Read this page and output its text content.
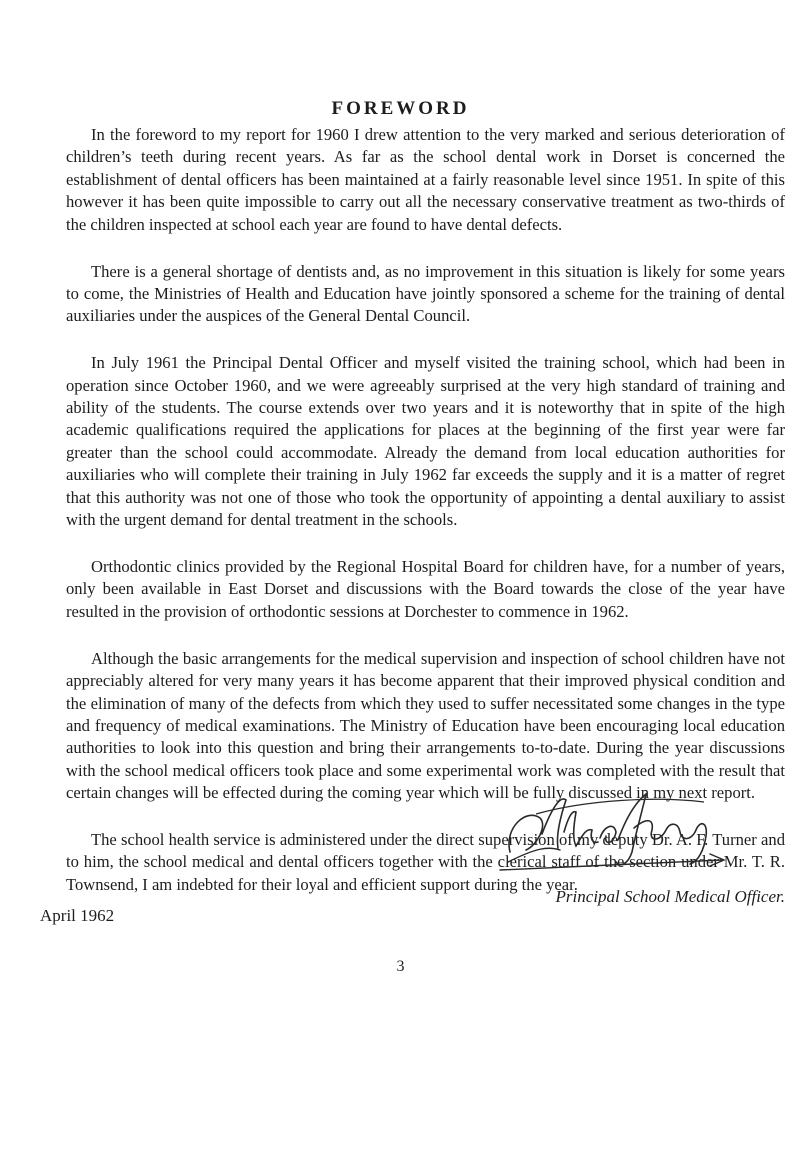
FOREWORD

In the foreword to my report for 1960 I drew attention to the very marked and serious deterioration of children’s teeth during recent years. As far as the school dental work in Dorset is concerned the establishment of dental officers has been maintained at a fairly reasonable level since 1951. In spite of this however it has been quite impossible to carry out all the necessary conservative treatment as two-thirds of the children inspected at school each year are found to have dental defects.

There is a general shortage of dentists and, as no improvement in this situation is likely for some years to come, the Ministries of Health and Education have jointly sponsored a scheme for the training of dental auxiliaries under the auspices of the General Dental Council.

In July 1961 the Principal Dental Officer and myself visited the training school, which had been in operation since October 1960, and we were agreeably surprised at the very high standard of training and ability of the students. The course extends over two years and it is noteworthy that in spite of the high academic qualifications required the applications for places at the beginning of the first year were far greater than the school could accommodate. Already the demand from local education authorities for auxiliaries who will complete their training in July 1962 far exceeds the supply and it is a matter of regret that this authority was not one of those who took the opportunity of appointing a dental auxiliary to assist with the urgent demand for dental treatment in the schools.

Orthodontic clinics provided by the Regional Hospital Board for children have, for a number of years, only been available in East Dorset and discussions with the Board towards the close of the year have resulted in the provision of orthodontic sessions at Dorchester to commence in 1962.

Although the basic arrangements for the medical supervision and inspection of school children have not appreciably altered for very many years it has become apparent that their improved physical condition and the elimination of many of the defects from which they used to suffer necessitated some changes in the type and frequency of medical examinations. The Ministry of Education have been encouraging local education authorities to look into this question and bring their arrangements to-to-date. During the year discussions with the school medical officers took place and some experimental work was completed with the result that certain changes will be effected during the coming year which will be fully discussed in my next report.

The school health service is administered under the direct supervision of my deputy Dr. A. F. Turner and to him, the school medical and dental officers together with the clerical staff of the section under Mr. T. R. Townsend, I am indebted for their loyal and efficient support during the year.

Principal School Medical Officer.

April 1962

3
